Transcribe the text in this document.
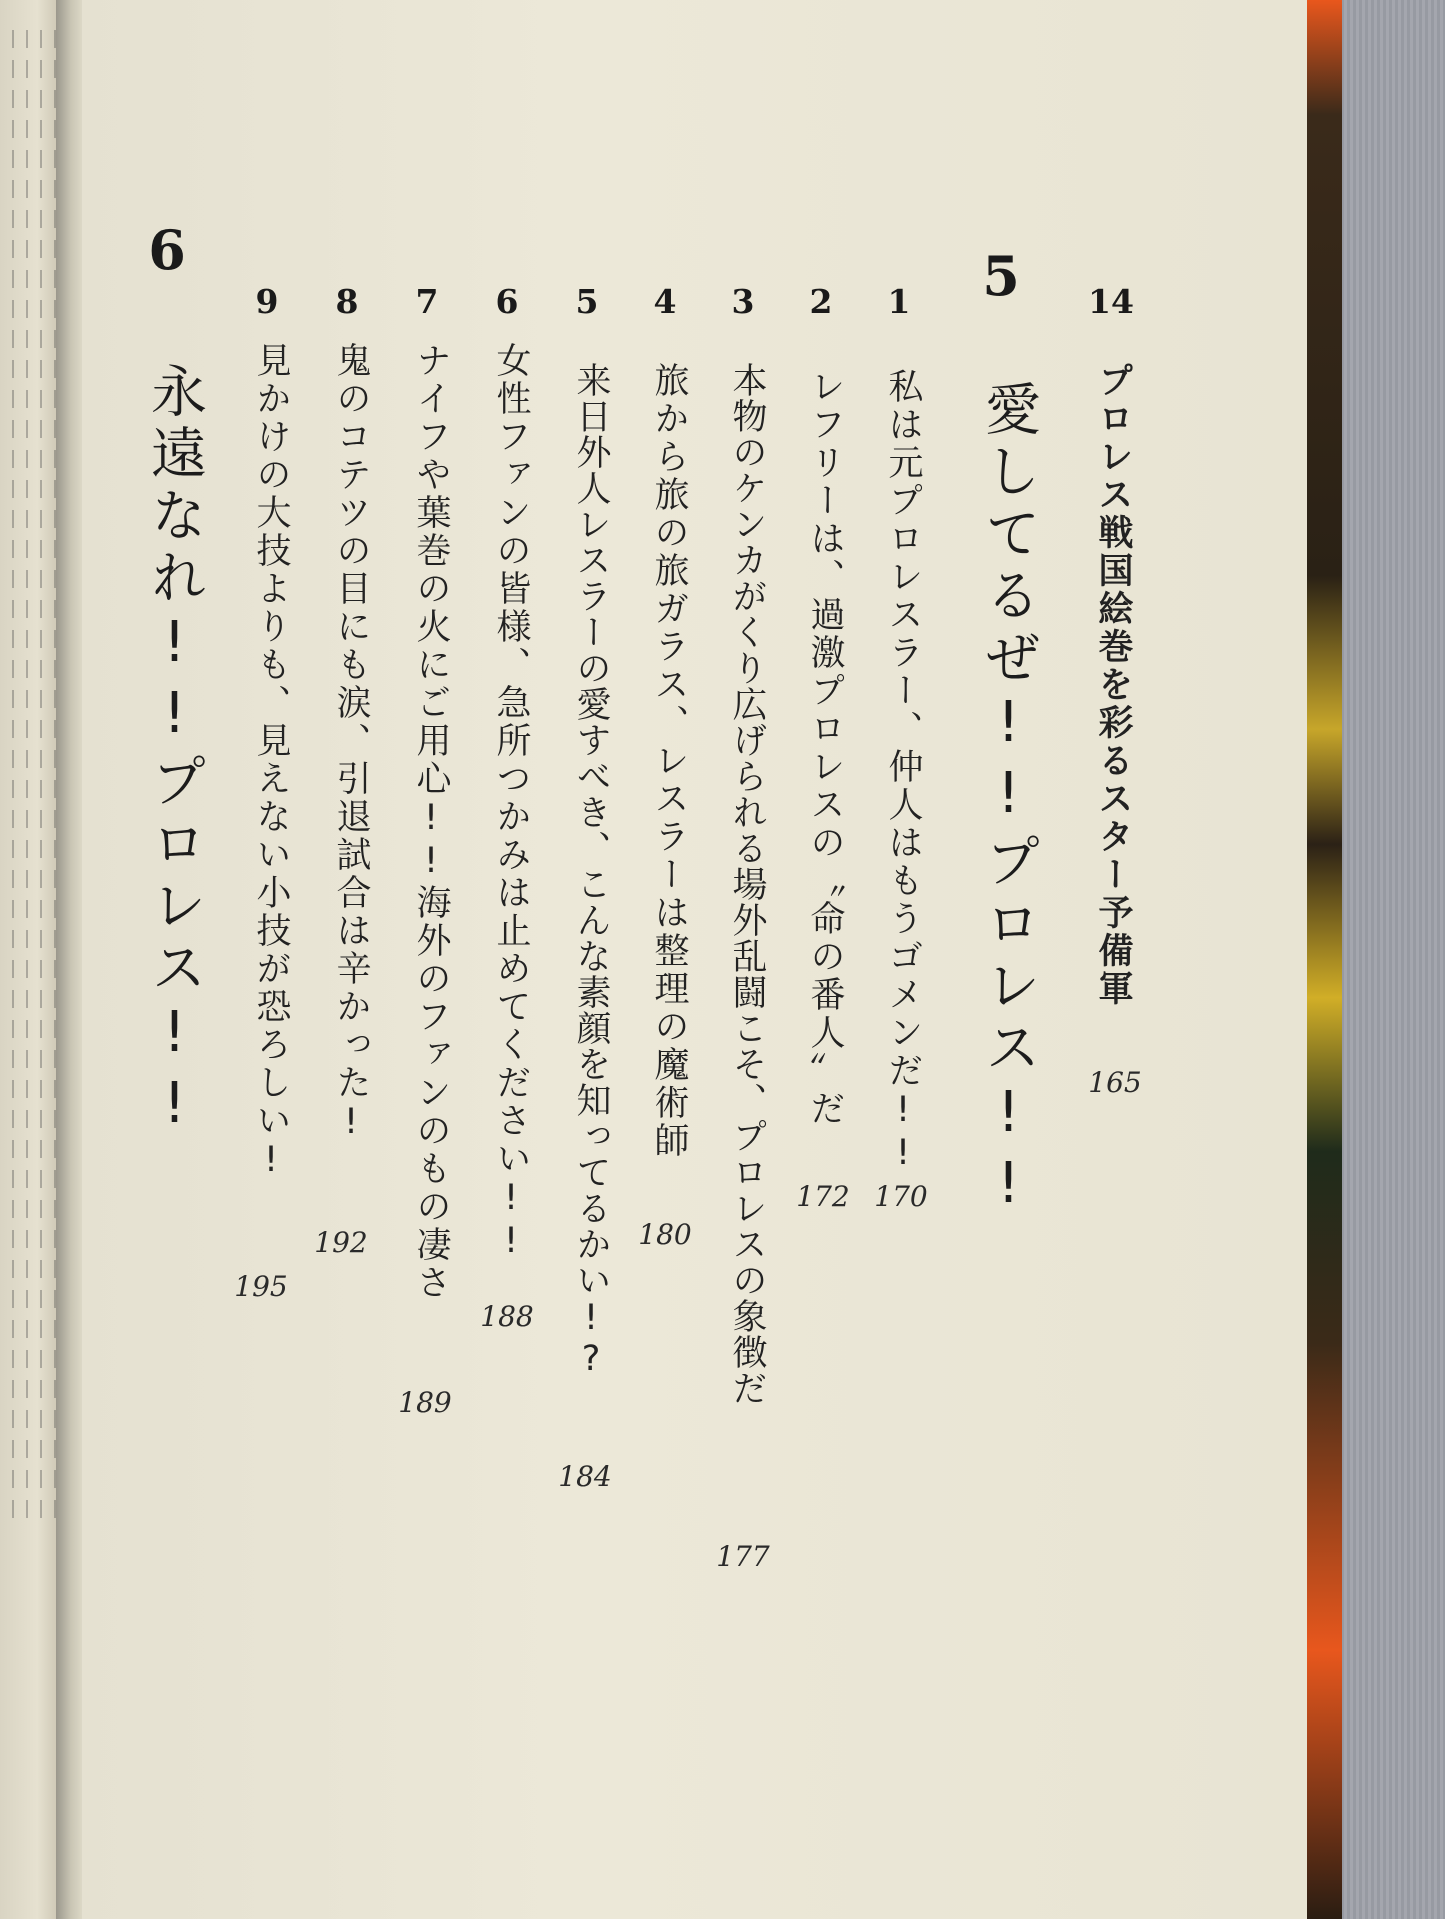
14
プロレス戦国絵巻を彩るスター予備軍
165
5
愛してるぜ!!プロレス!!
1
私は元プロレスラー、仲人はもうゴメンだ!!
170
2
レフリーは、過激プロレスの〝命の番人〟だ
172
3
本物のケンカがくり広げられる場外乱闘こそ、プロレスの象徴だ
177
4
旅から旅の旅ガラス、レスラーは整理の魔術師
180
5
来日外人レスラーの愛すべき、こんな素顔を知ってるかい!?
184
6
女性ファンの皆様、急所つかみは止めてください!!
188
7
ナイフや葉巻の火にご用心!!海外のファンのもの凄さ
189
8
鬼のコテツの目にも涙、引退試合は辛かった!
192
9
見かけの大技よりも、見えない小技が恐ろしい!
195
6
永遠なれ!!プロレス!!
